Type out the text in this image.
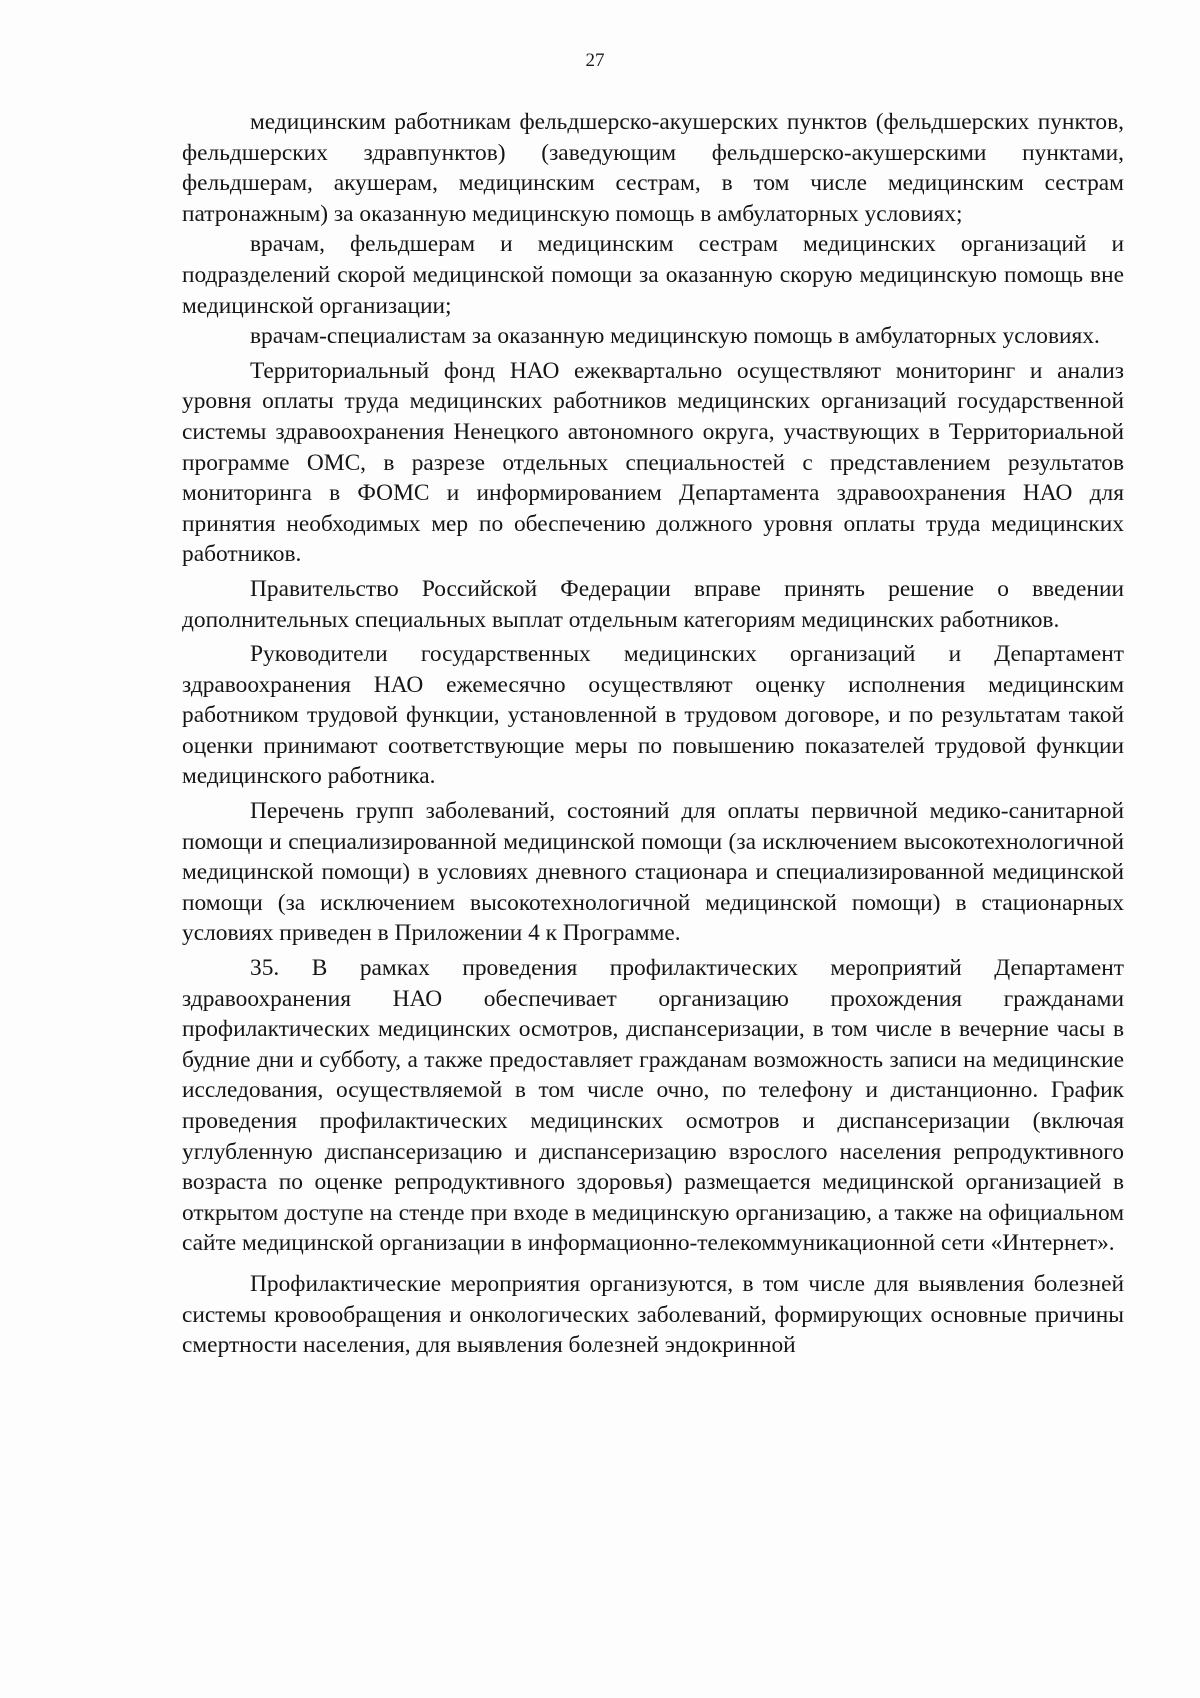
27

медицинским работникам фельдшерско-акушерских пунктов (фельдшерских пунктов, фельдшерских здравпунктов) (заведующим фельдшерско-акушерскими пунктами, фельдшерам, акушерам, медицинским сестрам, в том числе медицинским сестрам патронажным) за оказанную медицинскую помощь в амбулаторных условиях;

врачам, фельдшерам и медицинским сестрам медицинских организаций и подразделений скорой медицинской помощи за оказанную скорую медицинскую помощь вне медицинской организации;

врачам-специалистам за оказанную медицинскую помощь в амбулаторных условиях.

Территориальный фонд НАО ежеквартально осуществляют мониторинг и анализ уровня оплаты труда медицинских работников медицинских организаций государственной системы здравоохранения Ненецкого автономного округа, участвующих в Территориальной программе ОМС, в разрезе отдельных специальностей с представлением результатов мониторинга в ФОМС и информированием Департамента здравоохранения НАО для принятия необходимых мер по обеспечению должного уровня оплаты труда медицинских работников.

Правительство Российской Федерации вправе принять решение о введении дополнительных специальных выплат отдельным категориям медицинских работников.

Руководители государственных медицинских организаций и Департамент здравоохранения НАО ежемесячно осуществляют оценку исполнения медицинским работником трудовой функции, установленной в трудовом договоре, и по результатам такой оценки принимают соответствующие меры по повышению показателей трудовой функции медицинского работника.

Перечень групп заболеваний, состояний для оплаты первичной медико-санитарной помощи и специализированной медицинской помощи (за исключением высокотехнологичной медицинской помощи) в условиях дневного стационара и специализированной медицинской помощи (за исключением высокотехнологичной медицинской помощи) в стационарных условиях приведен в Приложении 4 к Программе.

35. В рамках проведения профилактических мероприятий Департамент здравоохранения НАО обеспечивает организацию прохождения гражданами профилактических медицинских осмотров, диспансеризации, в том числе в вечерние часы в будние дни и субботу, а также предоставляет гражданам возможность записи на медицинские исследования, осуществляемой в том числе очно, по телефону и дистанционно. График проведения профилактических медицинских осмотров и диспансеризации (включая углубленную диспансеризацию и диспансеризацию взрослого населения репродуктивного возраста по оценке репродуктивного здоровья) размещается медицинской организацией в открытом доступе на стенде при входе в медицинскую организацию, а также на официальном сайте медицинской организации в информационно-телекоммуникационной сети «Интернет».

Профилактические мероприятия организуются, в том числе для выявления болезней системы кровообращения и онкологических заболеваний, формирующих основные причины смертности населения, для выявления болезней эндокринной
